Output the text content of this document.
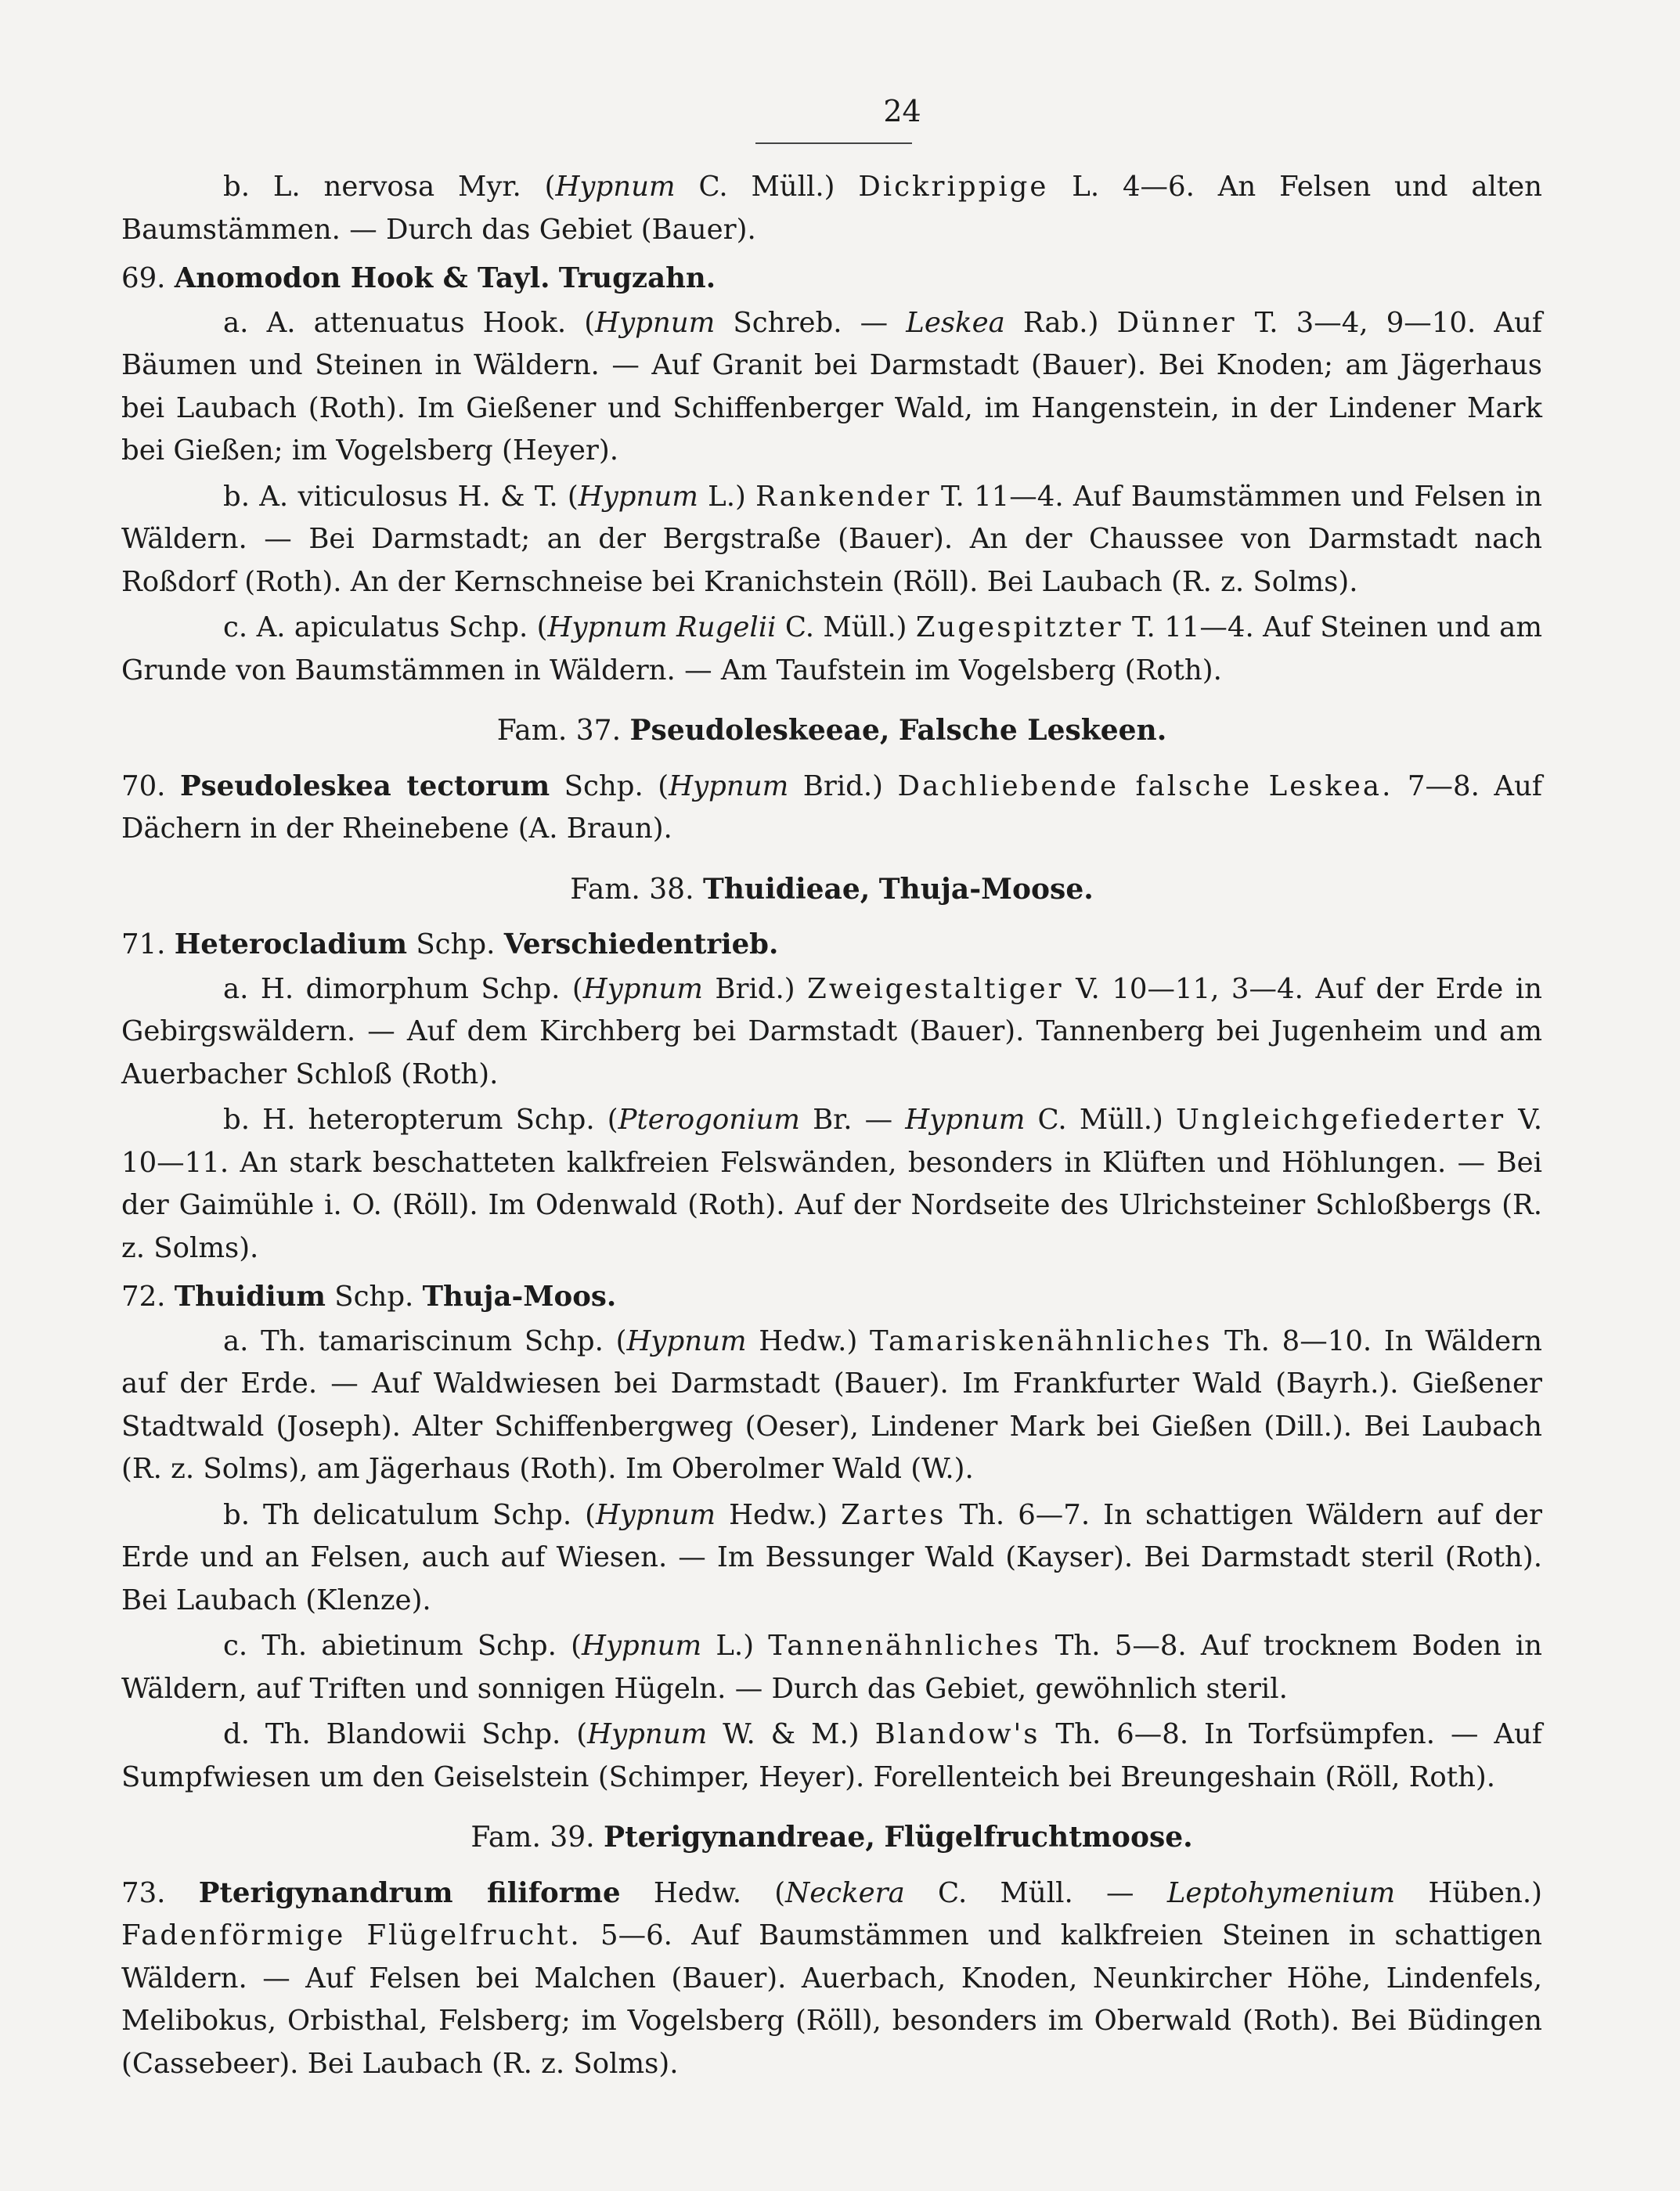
24

b. L. nervosa Myr. (Hypnum C. Müll.) Dickrippige L. 4—6. An Felsen und alten Baumstämmen. — Durch das Gebiet (Bauer).

69. Anomodon Hook & Tayl. Trugzahn.

a. A. attenuatus Hook. (Hypnum Schreb. — Leskea Rab.) Dünner T. 3—4, 9—10. Auf Bäumen und Steinen in Wäldern. — Auf Granit bei Darmstadt (Bauer). Bei Knoden; am Jägerhaus bei Laubach (Roth). Im Gießener und Schiffenberger Wald, im Hangenstein, in der Lindener Mark bei Gießen; im Vogelsberg (Heyer).

b. A. viticulosus H. & T. (Hypnum L.) Rankender T. 11—4. Auf Baumstämmen und Felsen in Wäldern. — Bei Darmstadt; an der Bergstraße (Bauer). An der Chaussee von Darmstadt nach Roßdorf (Roth). An der Kernschneise bei Kranichstein (Röll). Bei Laubach (R. z. Solms).

c. A. apiculatus Schp. (Hypnum Rugelii C. Müll.) Zugespitzter T. 11—4. Auf Steinen und am Grunde von Baumstämmen in Wäldern. — Am Taufstein im Vogelsberg (Roth).

Fam. 37. Pseudoleskeeae, Falsche Leskeen.

70. Pseudoleskea tectorum Schp. (Hypnum Brid.) Dachliebende falsche Leskea. 7—8. Auf Dächern in der Rheinebene (A. Braun).

Fam. 38. Thuidieae, Thuja-Moose.
71. Heterocladium Schp. Verschiedentrieb.

a. H. dimorphum Schp. (Hypnum Brid.) Zweigestaltiger V. 10—11, 3—4. Auf der Erde in Gebirgswäldern. — Auf dem Kirchberg bei Darmstadt (Bauer). Tannenberg bei Jugenheim und am Auerbacher Schloß (Roth).

b. H. heteropterum Schp. (Pterogonium Br. — Hypnum C. Müll.) Ungleichgefiederter V. 10—11. An stark beschatteten kalkfreien Felswänden, besonders in Klüften und Höhlungen. — Bei der Gaimühle i. O. (Röll). Im Odenwald (Roth). Auf der Nordseite des Ulrichsteiner Schloßbergs (R. z. Solms).

72. Thuidium Schp. Thuja-Moos.

a. Th. tamariscinum Schp. (Hypnum Hedw.) Tamariskenähnliches Th. 8—10. In Wäldern auf der Erde. — Auf Waldwiesen bei Darmstadt (Bauer). Im Frankfurter Wald (Bayrh.). Gießener Stadtwald (Joseph). Alter Schiffenbergweg (Oeser), Lindener Mark bei Gießen (Dill.). Bei Laubach (R. z. Solms), am Jägerhaus (Roth). Im Oberolmer Wald (W.).

b. Th delicatulum Schp. (Hypnum Hedw.) Zartes Th. 6—7. In schattigen Wäldern auf der Erde und an Felsen, auch auf Wiesen. — Im Bessunger Wald (Kayser). Bei Darmstadt steril (Roth). Bei Laubach (Klenze).

c. Th. abietinum Schp. (Hypnum L.) Tannenähnliches Th. 5—8. Auf trocknem Boden in Wäldern, auf Triften und sonnigen Hügeln. — Durch das Gebiet, gewöhnlich steril.

d. Th. Blandowii Schp. (Hypnum W. & M.) Blandow's Th. 6—8. In Torfsümpfen. — Auf Sumpfwiesen um den Geiselstein (Schimper, Heyer). Forellenteich bei Breungeshain (Röll, Roth).

Fam. 39. Pterigynandreae, Flügelfruchtmoose.

73. Pterigynandrum filiforme Hedw. (Neckera C. Müll. — Leptohymenium Hüben.) Fadenförmige Flügelfrucht. 5—6. Auf Baumstämmen und kalkfreien Steinen in schattigen Wäldern. — Auf Felsen bei Malchen (Bauer). Auerbach, Knoden, Neunkircher Höhe, Lindenfels, Melibokus, Orbisthal, Felsberg; im Vogelsberg (Röll), besonders im Oberwald (Roth). Bei Büdingen (Cassebeer). Bei Laubach (R. z. Solms).
